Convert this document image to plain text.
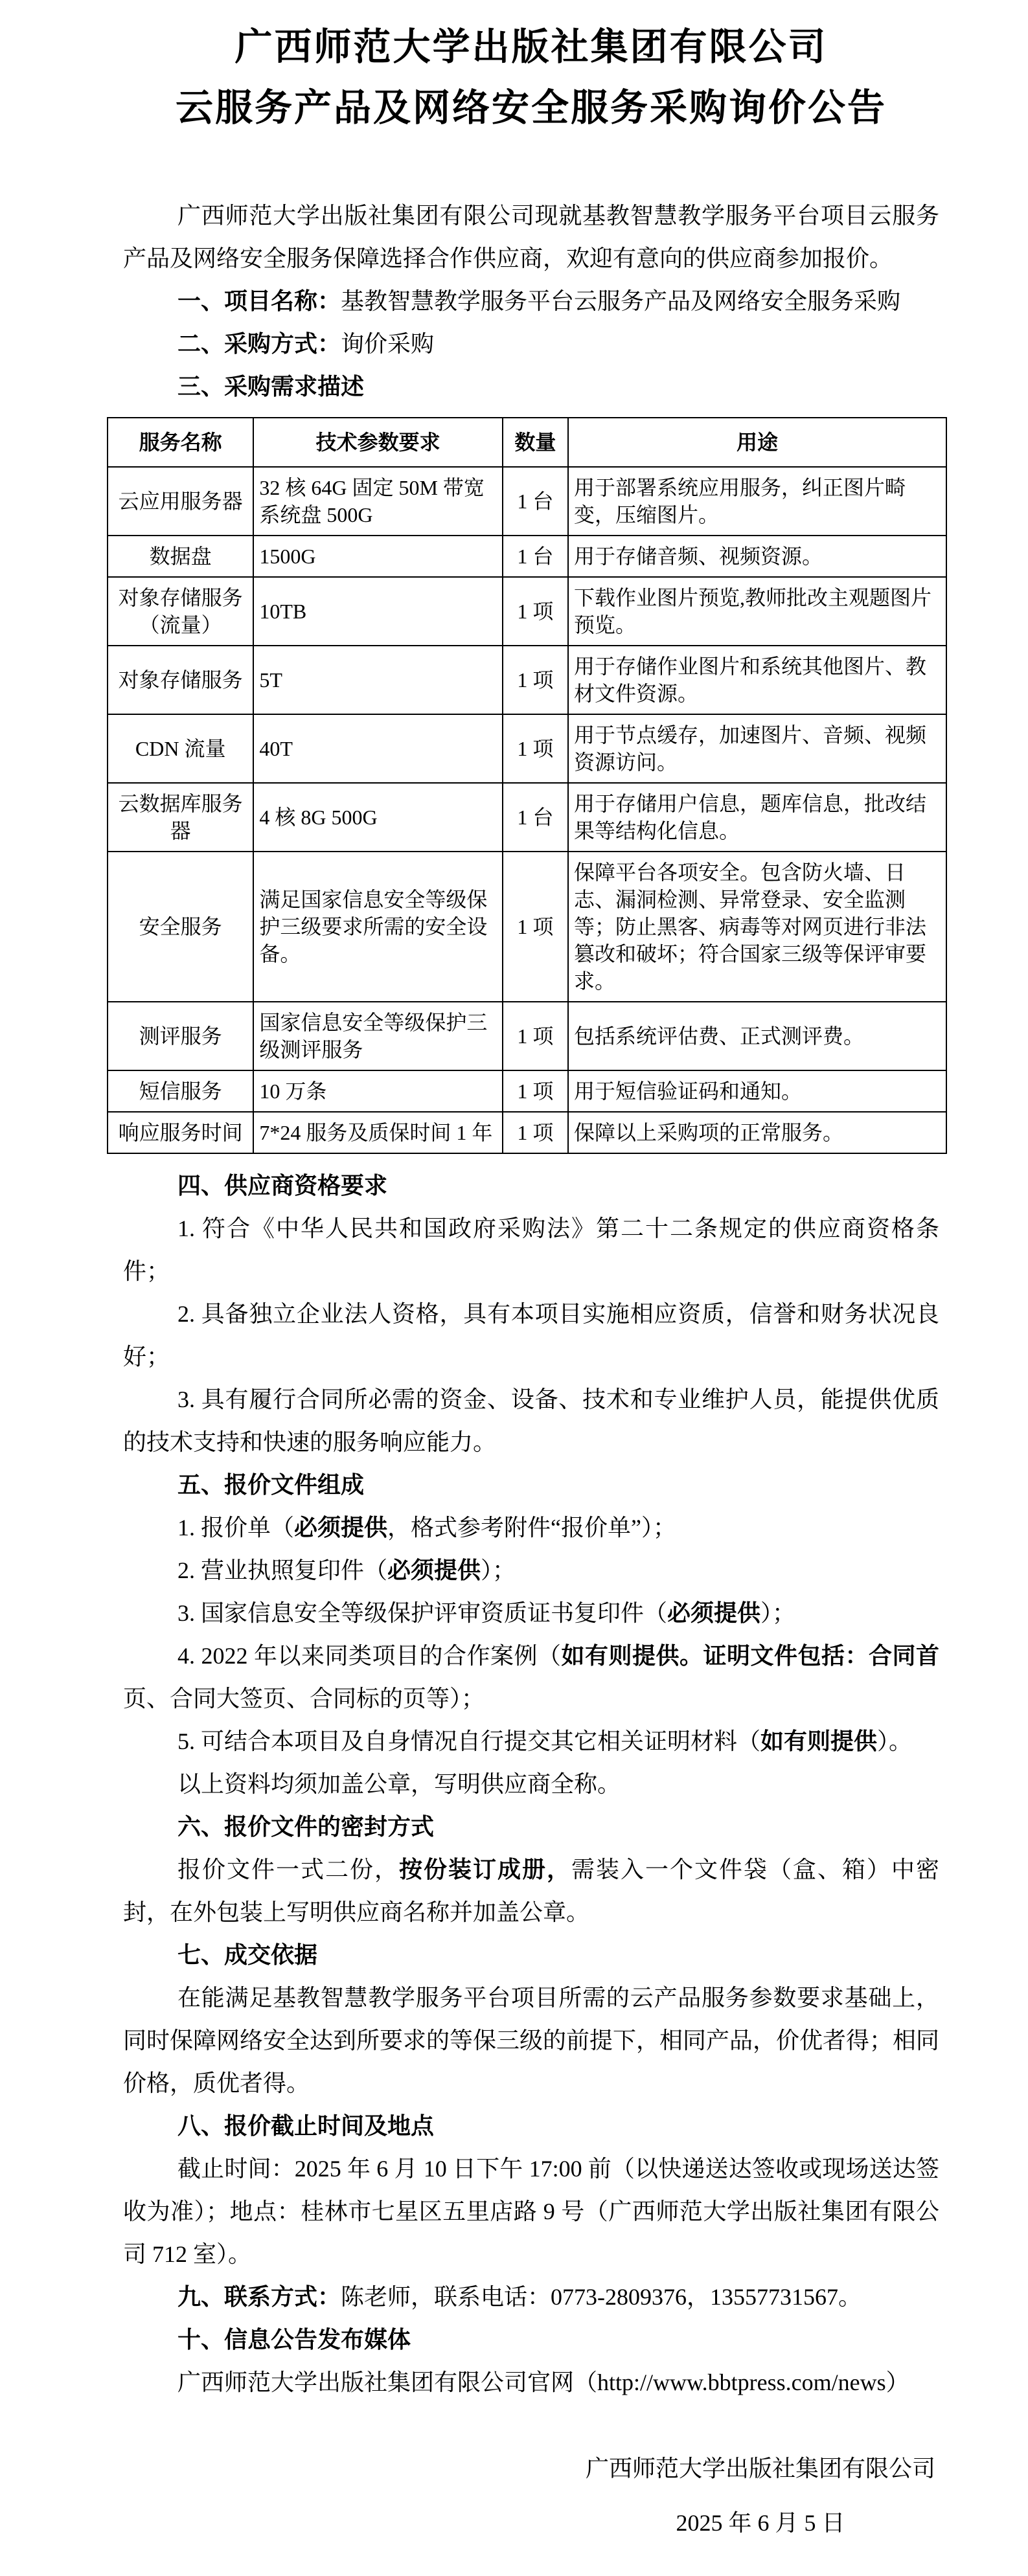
广西师范大学出版社集团有限公司
云服务产品及网络安全服务采购询价公告

广西师范大学出版社集团有限公司现就基教智慧教学服务平台项目云服务产品及网络安全服务保障选择合作供应商，欢迎有意向的供应商参加报价。

一、项目名称：基教智慧教学服务平台云服务产品及网络安全服务采购

二、采购方式：询价采购

三、采购需求描述

服务名称	技术参数要求	数量	用途
云应用服务器	32 核 64G 固定 50M 带宽 系统盘 500G	1 台	用于部署系统应用服务，纠正图片畸变，压缩图片。
数据盘	1500G	1 台	用于存储音频、视频资源。
对象存储服务（流量）	10TB	1 项	下载作业图片预览,教师批改主观题图片预览。
对象存储服务	5T	1 项	用于存储作业图片和系统其他图片、教材文件资源。
CDN 流量	40T	1 项	用于节点缓存，加速图片、音频、视频资源访问。
云数据库服务器	4 核 8G 500G	1 台	用于存储用户信息，题库信息，批改结果等结构化信息。
安全服务	满足国家信息安全等级保护三级要求所需的安全设备。	1 项	保障平台各项安全。包含防火墙、日志、漏洞检测、异常登录、安全监测等；防止黑客、病毒等对网页进行非法篡改和破坏；符合国家三级等保评审要求。
测评服务	国家信息安全等级保护三级测评服务	1 项	包括系统评估费、正式测评费。
短信服务	10 万条	1 项	用于短信验证码和通知。
响应服务时间	7*24 服务及质保时间 1 年	1 项	保障以上采购项的正常服务。

四、供应商资格要求

1. 符合《中华人民共和国政府采购法》第二十二条规定的供应商资格条件；

2. 具备独立企业法人资格，具有本项目实施相应资质，信誉和财务状况良好；

3. 具有履行合同所必需的资金、设备、技术和专业维护人员，能提供优质的技术支持和快速的服务响应能力。

五、报价文件组成

1. 报价单（必须提供，格式参考附件“报价单”）；

2. 营业执照复印件（必须提供）；

3. 国家信息安全等级保护评审资质证书复印件（必须提供）；

4. 2022 年以来同类项目的合作案例（如有则提供。证明文件包括：合同首页、合同大签页、合同标的页等）；

5. 可结合本项目及自身情况自行提交其它相关证明材料（如有则提供）。

以上资料均须加盖公章，写明供应商全称。

六、报价文件的密封方式

报价文件一式二份，按份装订成册，需装入一个文件袋（盒、箱）中密封，在外包装上写明供应商名称并加盖公章。

七、成交依据

在能满足基教智慧教学服务平台项目所需的云产品服务参数要求基础上，同时保障网络安全达到所要求的等保三级的前提下，相同产品，价优者得；相同价格，质优者得。

八、报价截止时间及地点

截止时间：2025 年 6 月 10 日下午 17:00 前（以快递送达签收或现场送达签收为准）；地点：桂林市七星区五里店路 9 号（广西师范大学出版社集团有限公司 712 室）。

九、联系方式：陈老师，联系电话：0773-2809376，13557731567。

十、信息公告发布媒体

广西师范大学出版社集团有限公司官网（http://www.bbtpress.com/news）

广西师范大学出版社集团有限公司
2025 年 6 月 5 日
